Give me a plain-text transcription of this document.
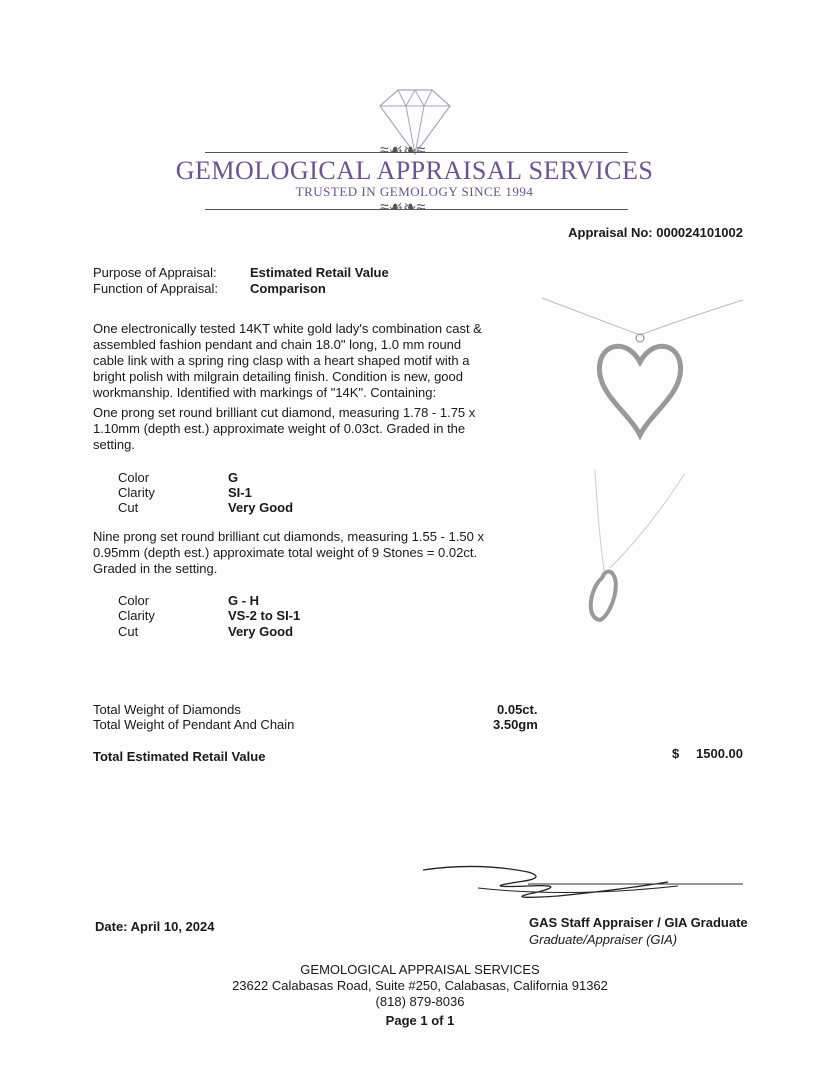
≈☙❧≈
GEMOLOGICAL APPRAISAL SERVICES
TRUSTED IN GEMOLOGY SINCE 1994
≈☙❧≈
Appraisal No: 000024101002
Purpose of Appraisal:	Estimated Retail Value
Function of Appraisal: Comparison
One electronically tested 14KT white gold lady's combination cast & assembled fashion pendant and chain 18.0" long, 1.0 mm round cable link with a spring ring clasp with a heart shaped motif with a bright polish with milgrain detailing finish. Condition is new, good workmanship. Identified with markings of "14K". Containing:
One prong set round brilliant cut diamond, measuring 1.78 - 1.75 x 1.10mm (depth est.) approximate weight of 0.03ct. Graded in the setting.
Color	G
Clarity	SI-1
Cut	Very Good
Nine prong set round brilliant cut diamonds, measuring 1.55 - 1.50 x 0.95mm (depth est.) approximate total weight of 9 Stones = 0.02ct. Graded in the setting.
Color	G - H
Clarity	VS-2 to SI-1
Cut	Very Good
Total Weight of Diamonds	0.05ct.
Total Weight of Pendant And Chain	3.50gm
Total Estimated Retail Value	$ 1500.00
Date: April 10, 2024	GAS Staff Appraiser / GIA Graduate
Graduate/Appraiser (GIA)
GEMOLOGICAL APPRAISAL SERVICES
23622 Calabasas Road, Suite #250, Calabasas, California 91362
(818) 879-8036
Page 1 of 1
